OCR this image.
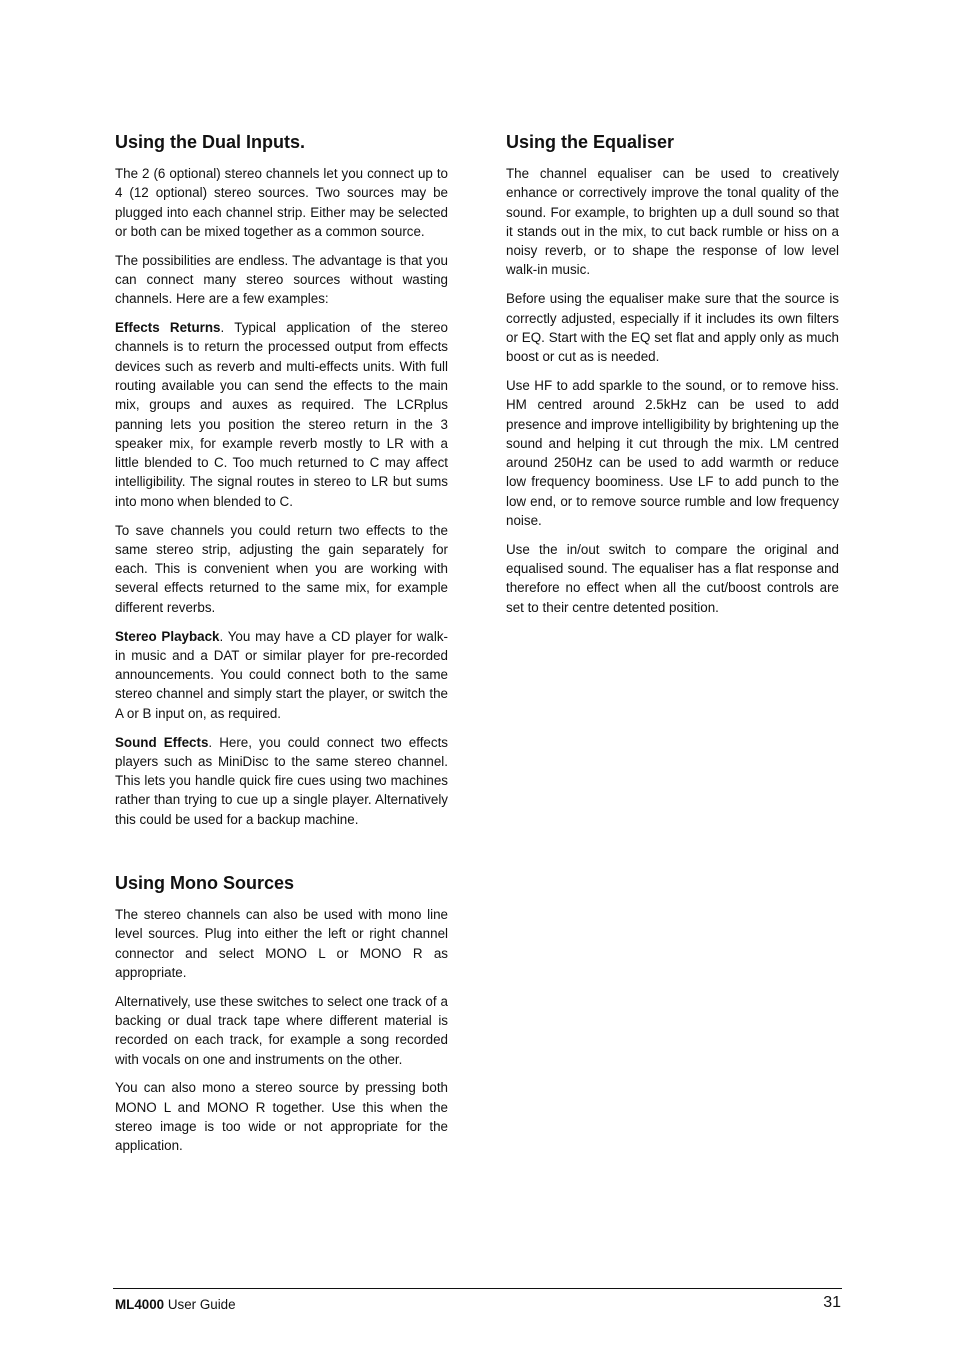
Using the Dual Inputs.

The 2 (6 optional) stereo channels let you connect up to 4 (12 optional) stereo sources. Two sources may be plugged into each channel strip. Either may be selected or both can be mixed together as a common source.

The possibilities are endless. The advantage is that you can connect many stereo sources without wasting channels. Here are a few examples:

Effects Returns. Typical application of the stereo channels is to return the processed output from effects devices such as reverb and multi-effects units. With full routing available you can send the effects to the main mix, groups and auxes as required. The LCRplus panning lets you position the stereo return in the 3 speaker mix, for example reverb mostly to LR with a little blended to C. Too much returned to C may affect intelligibility. The signal routes in stereo to LR but sums into mono when blended to C.

To save channels you could return two effects to the same stereo strip, adjusting the gain separately for each. This is convenient when you are working with several effects returned to the same mix, for example different reverbs.

Stereo Playback. You may have a CD player for walk-in music and a DAT or similar player for pre-recorded announcements. You could connect both to the same stereo channel and simply start the player, or switch the A or B input on, as required.

Sound Effects. Here, you could connect two effects players such as MiniDisc to the same stereo channel. This lets you handle quick fire cues using two machines rather than trying to cue up a single player. Alternatively this could be used for a backup machine.

Using Mono Sources

The stereo channels can also be used with mono line level sources. Plug into either the left or right channel connector and select MONO L or MONO R as appropriate.

Alternatively, use these switches to select one track of a backing or dual track tape where different material is recorded on each track, for example a song recorded with vocals on one and instruments on the other.

You can also mono a stereo source by pressing both MONO L and MONO R together. Use this when the stereo image is too wide or not appropriate for the application.

Using the Equaliser

The channel equaliser can be used to creatively enhance or correctively improve the tonal quality of the sound. For example, to brighten up a dull sound so that it stands out in the mix, to cut back rumble or hiss on a noisy reverb, or to shape the response of low level walk-in music.

Before using the equaliser make sure that the source is correctly adjusted, especially if it includes its own filters or EQ. Start with the EQ set flat and apply only as much boost or cut as is needed.

Use HF to add sparkle to the sound, or to remove hiss. HM centred around 2.5kHz can be used to add presence and improve intelligibility by brightening up the sound and helping it cut through the mix. LM centred around 250Hz can be used to add warmth or reduce low frequency boominess. Use LF to add punch to the low end, or to remove source rumble and low frequency noise.

Use the in/out switch to compare the original and equalised sound. The equaliser has a flat response and therefore no effect when all the cut/boost controls are set to their centre detented position.

ML4000 User Guide	31
